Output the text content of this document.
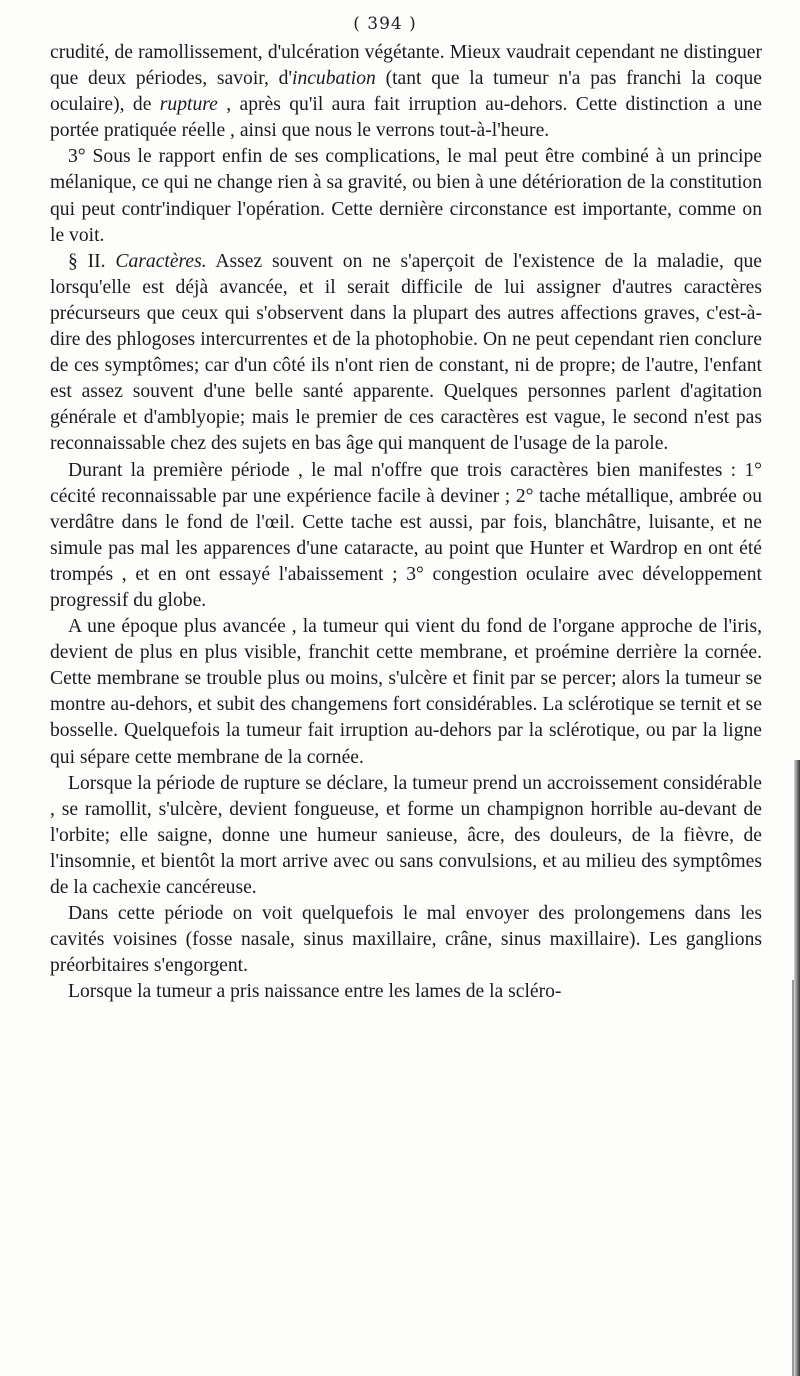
( 394 )

crudité, de ramollissement, d'ulcération végétante. Mieux vaudrait cependant ne distinguer que deux périodes, savoir, d'incubation (tant que la tumeur n'a pas franchi la coque oculaire), de rupture , après qu'il aura fait irruption au-dehors. Cette distinction a une portée pratiquée réelle , ainsi que nous le verrons tout-à-l'heure.

3° Sous le rapport enfin de ses complications, le mal peut être combiné à un principe mélanique, ce qui ne change rien à sa gravité, ou bien à une détérioration de la constitution qui peut contr'indiquer l'opération. Cette dernière circonstance est importante, comme on le voit.

§ II. Caractères. Assez souvent on ne s'aperçoit de l'existence de la maladie, que lorsqu'elle est déjà avancée, et il serait difficile de lui assigner d'autres caractères précurseurs que ceux qui s'observent dans la plupart des autres affections graves, c'est-à-dire des phlogoses intercurrentes et de la photophobie. On ne peut cependant rien conclure de ces symptômes; car d'un côté ils n'ont rien de constant, ni de propre; de l'autre, l'enfant est assez souvent d'une belle santé apparente. Quelques personnes parlent d'agitation générale et d'amblyopie; mais le premier de ces caractères est vague, le second n'est pas reconnaissable chez des sujets en bas âge qui manquent de l'usage de la parole.

Durant la première période , le mal n'offre que trois caractères bien manifestes : 1° cécité reconnaissable par une expérience facile à deviner ; 2° tache métallique, ambrée ou verdâtre dans le fond de l'œil. Cette tache est aussi, par fois, blanchâtre, luisante, et ne simule pas mal les apparences d'une cataracte, au point que Hunter et Wardrop en ont été trompés , et en ont essayé l'abaissement ; 3° congestion oculaire avec développement progressif du globe.

A une époque plus avancée , la tumeur qui vient du fond de l'organe approche de l'iris, devient de plus en plus visible, franchit cette membrane, et proémine derrière la cornée. Cette membrane se trouble plus ou moins, s'ulcère et finit par se percer; alors la tumeur se montre au-dehors, et subit des changemens fort considérables. La sclérotique se ternit et se bosselle. Quelquefois la tumeur fait irruption au-dehors par la sclérotique, ou par la ligne qui sépare cette membrane de la cornée.

Lorsque la période de rupture se déclare, la tumeur prend un accroissement considérable , se ramollit, s'ulcère, devient fongueuse, et forme un champignon horrible au-devant de l'orbite; elle saigne, donne une humeur sanieuse, âcre, des douleurs, de la fièvre, de l'insomnie, et bientôt la mort arrive avec ou sans convulsions, et au milieu des symptômes de la cachexie cancéreuse.

Dans cette période on voit quelquefois le mal envoyer des prolongemens dans les cavités voisines (fosse nasale, sinus maxillaire, crâne, sinus maxillaire). Les ganglions préorbitaires s'engorgent.

Lorsque la tumeur a pris naissance entre les lames de la scléro-
